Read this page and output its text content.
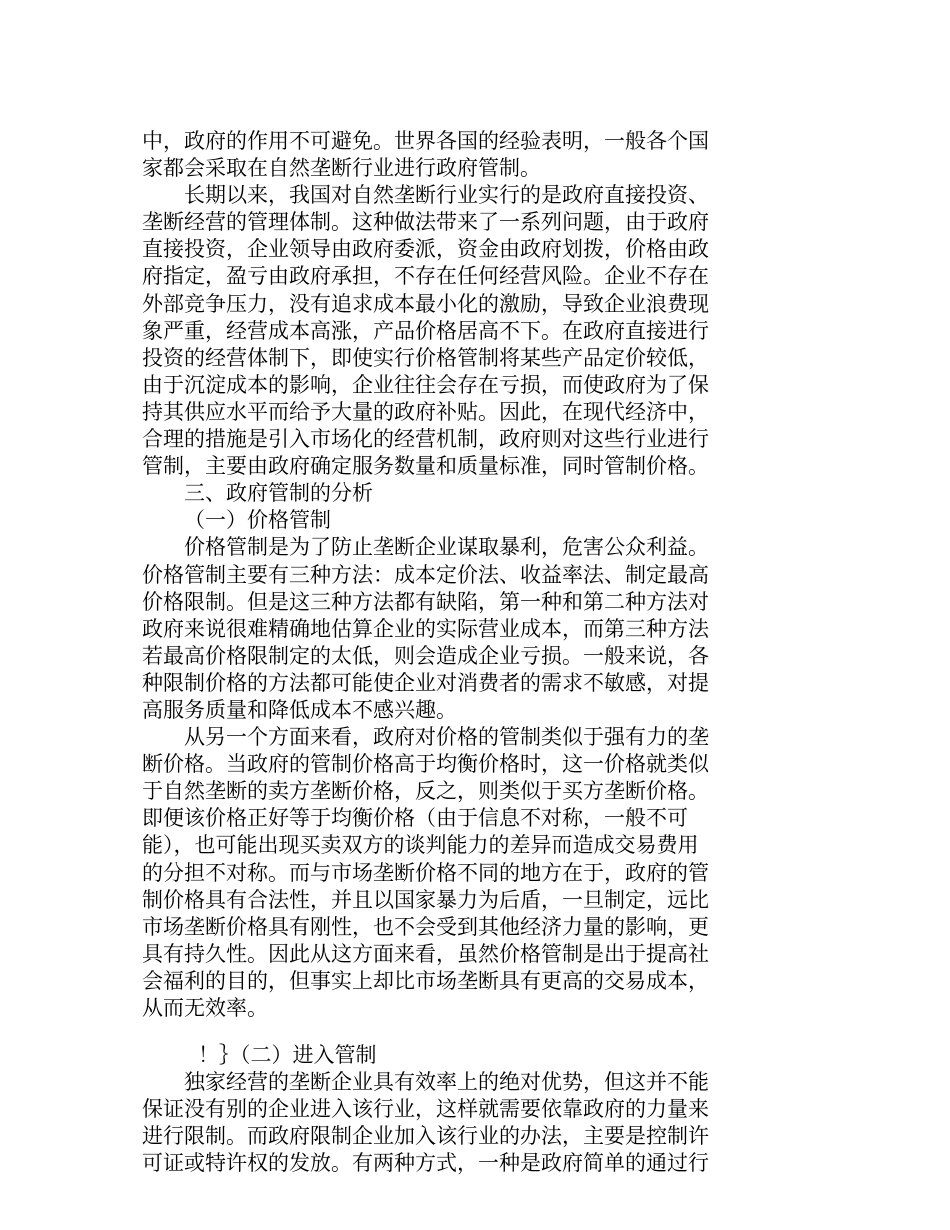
中，政府的作用不可避免。世界各国的经验表明，一般各个国
家都会采取在自然垄断行业进行政府管制。
长期以来，我国对自然垄断行业实行的是政府直接投资、
垄断经营的管理体制。这种做法带来了一系列问题，由于政府
直接投资，企业领导由政府委派，资金由政府划拨，价格由政
府指定，盈亏由政府承担，不存在任何经营风险。企业不存在
外部竞争压力，没有追求成本最小化的激励，导致企业浪费现
象严重，经营成本高涨，产品价格居高不下。在政府直接进行
投资的经营体制下，即使实行价格管制将某些产品定价较低，
由于沉淀成本的影响，企业往往会存在亏损，而使政府为了保
持其供应水平而给予大量的政府补贴。因此，在现代经济中，
合理的措施是引入市场化的经营机制，政府则对这些行业进行
管制，主要由政府确定服务数量和质量标准，同时管制价格。
三、政府管制的分析
（一）价格管制
价格管制是为了防止垄断企业谋取暴利，危害公众利益。
价格管制主要有三种方法：成本定价法、收益率法、制定最高
价格限制。但是这三种方法都有缺陷，第一种和第二种方法对
政府来说很难精确地估算企业的实际营业成本，而第三种方法
若最高价格限制定的太低，则会造成企业亏损。一般来说，各
种限制价格的方法都可能使企业对消费者的需求不敏感，对提
高服务质量和降低成本不感兴趣。
从另一个方面来看，政府对价格的管制类似于强有力的垄
断价格。当政府的管制价格高于均衡价格时，这一价格就类似
于自然垄断的卖方垄断价格，反之，则类似于买方垄断价格。
即便该价格正好等于均衡价格（由于信息不对称，一般不可
能），也可能出现买卖双方的谈判能力的差异而造成交易费用
的分担不对称。而与市场垄断价格不同的地方在于，政府的管
制价格具有合法性，并且以国家暴力为后盾，一旦制定，远比
市场垄断价格具有刚性，也不会受到其他经济力量的影响，更
具有持久性。因此从这方面来看，虽然价格管制是出于提高社
会福利的目的，但事实上却比市场垄断具有更高的交易成本，
从而无效率。
！｝（二）进入管制
独家经营的垄断企业具有效率上的绝对优势，但这并不能
保证没有别的企业进入该行业，这样就需要依靠政府的力量来
进行限制。而政府限制企业加入该行业的办法，主要是控制许
可证或特许权的发放。有两种方式，一种是政府简单的通过行
